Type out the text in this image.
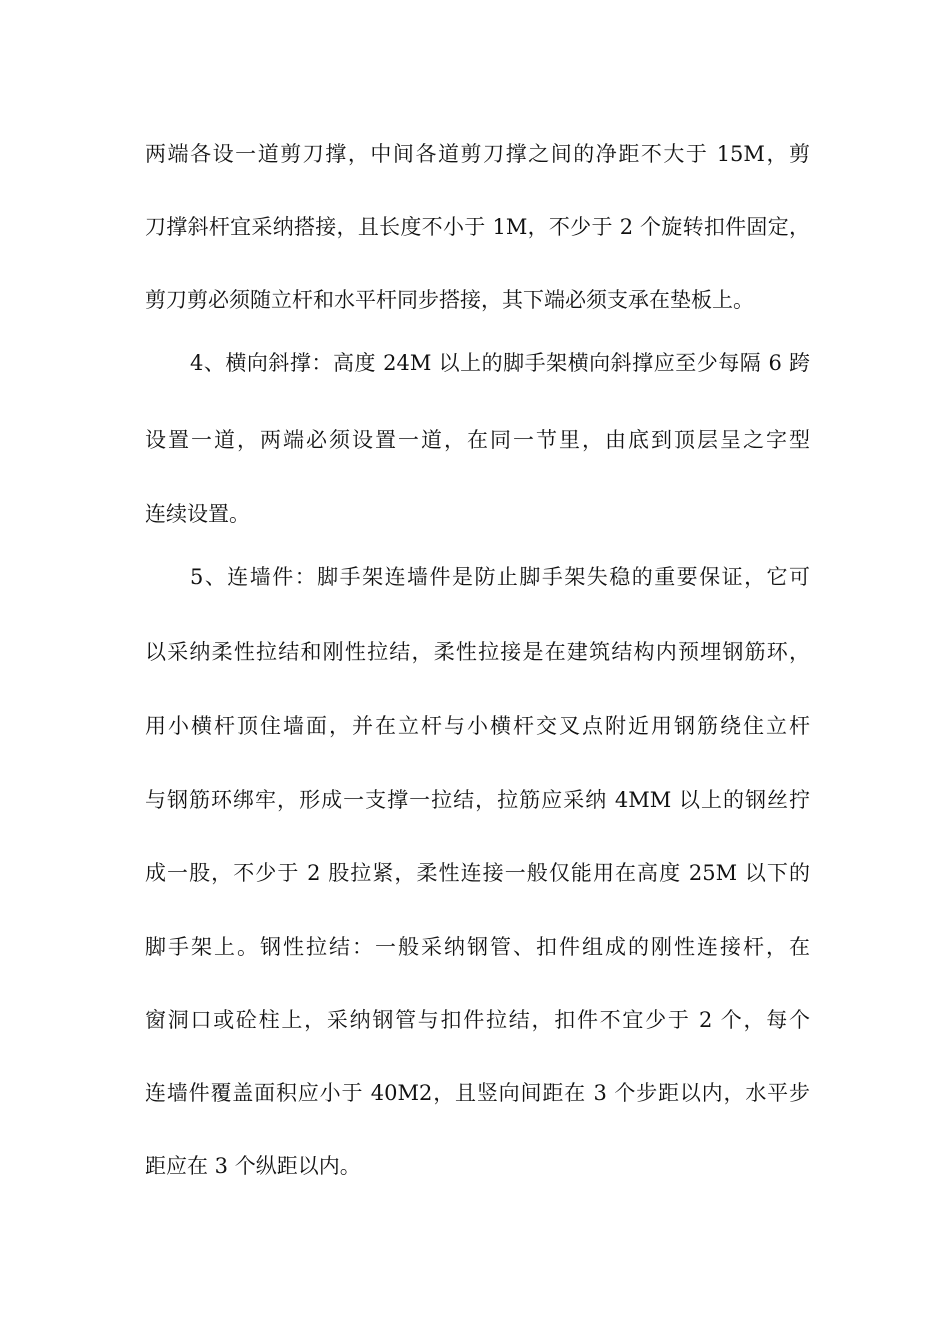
两端各设一道剪刀撑，中间各道剪刀撑之间的净距不大于 15M，剪
刀撑斜杆宜采纳搭接，且长度不小于 1M，不少于 2 个旋转扣件固定，
剪刀剪必须随立杆和水平杆同步搭接，其下端必须支承在垫板上。
4、横向斜撑：高度 24M 以上的脚手架横向斜撑应至少每隔 6 跨
设置一道，两端必须设置一道，在同一节里，由底到顶层呈之字型
连续设置。
5、连墙件：脚手架连墙件是防止脚手架失稳的重要保证，它可
以采纳柔性拉结和刚性拉结，柔性拉接是在建筑结构内预埋钢筋环，
用小横杆顶住墙面，并在立杆与小横杆交叉点附近用钢筋绕住立杆
与钢筋环绑牢，形成一支撑一拉结，拉筋应采纳 4MM 以上的钢丝拧
成一股，不少于 2 股拉紧，柔性连接一般仅能用在高度 25M 以下的
脚手架上。钢性拉结：一般采纳钢管、扣件组成的刚性连接杆，在
窗洞口或砼柱上，采纳钢管与扣件拉结，扣件不宜少于 2 个，每个
连墙件覆盖面积应小于 40M2，且竖向间距在 3 个步距以内，水平步
距应在 3 个纵距以内。
